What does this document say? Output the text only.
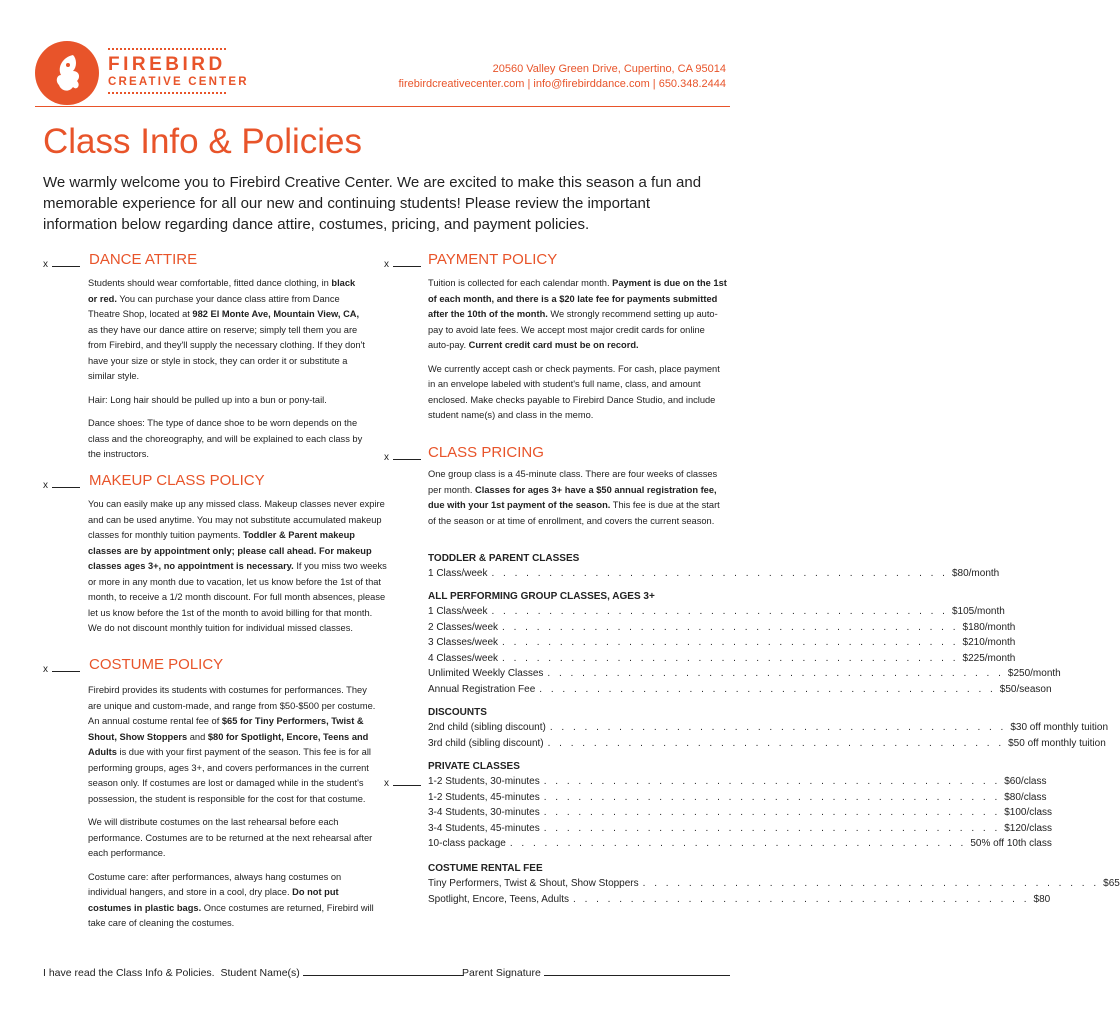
FIREBIRD
CREATIVE CENTER
20560 Valley Green Drive, Cupertino, CA 95014
firebirdcreativecenter.com | info@firebirddance.com | 650.348.2444
Class Info & Policies
We warmly welcome you to Firebird Creative Center. We are excited to make this season a fun and memorable experience for all our new and continuing students! Please review the important information below regarding dance attire, costumes, pricing, and payment policies.
x	DANCE ATTIRE

Students should wear comfortable, fitted dance clothing, in black or red. You can purchase your dance class attire from Dance Theatre Shop, located at 982 El Monte Ave, Mountain View, CA, as they have our dance attire on reserve; simply tell them you are from Firebird, and they'll supply the necessary clothing. If they don't have your size or style in stock, they can order it or substitute a similar style.

Hair: Long hair should be pulled up into a bun or pony-tail.

Dance shoes: The type of dance shoe to be worn depends on the class and the choreography, and will be explained to each class by the instructors.

x	MAKEUP CLASS POLICY

You can easily make up any missed class. Makeup classes never expire and can be used anytime. You may not substitute accumulated makeup classes for monthly tuition payments. Toddler & Parent makeup classes are by appointment only; please call ahead. For makeup classes ages 3+, no appointment is necessary. If you miss two weeks or more in any month due to vacation, let us know before the 1st of that month, to receive a 1/2 month discount. For full month absences, please let us know before the 1st of the month to avoid billing for that month. We do not discount monthly tuition for individual missed classes.

x	COSTUME POLICY

Firebird provides its students with costumes for performances. They are unique and custom-made, and range from $50-$500 per costume. An annual costume rental fee of $65 for Tiny Performers, Twist & Shout, Show Stoppers and $80 for Spotlight, Encore, Teens and Adults is due with your first payment of the season. This fee is for all performing groups, ages 3+, and covers performances in the current season only. If costumes are lost or damaged while in the student's possession, the student is responsible for the cost for that costume.

We will distribute costumes on the last rehearsal before each performance. Costumes are to be returned at the next rehearsal after each performance.

Costume care: after performances, always hang costumes on individual hangers, and store in a cool, dry place. Do not put costumes in plastic bags. Once costumes are returned, Firebird will take care of cleaning the costumes.

x	PAYMENT POLICY

Tuition is collected for each calendar month. Payment is due on the 1st of each month, and there is a $20 late fee for payments submitted after the 10th of the month. We strongly recommend setting up auto-pay to avoid late fees. We accept most major credit cards for online auto-pay. Current credit card must be on record.

We currently accept cash or check payments. For cash, place payment in an envelope labeled with student's full name, class, and amount enclosed. Make checks payable to Firebird Dance Studio, and include student name(s) and class in the memo.

x	CLASS PRICING

One group class is a 45-minute class. There are four weeks of classes per month. Classes for ages 3+ have a $50 annual registration fee, due with your 1st payment of the season. This fee is due at the start of the season or at time of enrollment, and covers the current season.

TODDLER & PARENT CLASSES
1 Class/week . . . . . . . . . . . . . . . . . . . . . . . . . . . . . . . . . . . . . . . . $80/month
ALL PERFORMING GROUP CLASSES, AGES 3+
1 Class/week . . . . . . . . . . . . . . . . . . . . . . . . . . . . . . . . . . . . . . . . $105/month
2 Classes/week . . . . . . . . . . . . . . . . . . . . . . . . . . . . . . . . . . . . . . . . $180/month
3 Classes/week . . . . . . . . . . . . . . . . . . . . . . . . . . . . . . . . . . . . . . . . $210/month
4 Classes/week . . . . . . . . . . . . . . . . . . . . . . . . . . . . . . . . . . . . . . . . $225/month
Unlimited Weekly Classes . . . . . . . . . . . . . . . . . . . . . . . . . . . . . . . . . . . . . . . . $250/month
Annual Registration Fee . . . . . . . . . . . . . . . . . . . . . . . . . . . . . . . . . . . . . . . . $50/season
DISCOUNTS
2nd child (sibling discount) . . . . . . . . . . . . . . . . . . . . . . . . . . . . . . . . . . . . . . . . $30 off monthly tuition
3rd child (sibling discount) . . . . . . . . . . . . . . . . . . . . . . . . . . . . . . . . . . . . . . . . $50 off monthly tuition
x
PRIVATE CLASSES
1-2 Students, 30-minutes . . . . . . . . . . . . . . . . . . . . . . . . . . . . . . . . . . . . . . . . $60/class
1-2 Students, 45-minutes . . . . . . . . . . . . . . . . . . . . . . . . . . . . . . . . . . . . . . . . $80/class
3-4 Students, 30-minutes . . . . . . . . . . . . . . . . . . . . . . . . . . . . . . . . . . . . . . . . $100/class
3-4 Students, 45-minutes . . . . . . . . . . . . . . . . . . . . . . . . . . . . . . . . . . . . . . . . $120/class
10-class package . . . . . . . . . . . . . . . . . . . . . . . . . . . . . . . . . . . . . . . . 50% off 10th class
COSTUME RENTAL FEE
Tiny Performers, Twist & Shout, Show Stoppers . . . . . . . . . . . . . . . . . . . . . . . . . . . . . . . . . . . . . . . . $65
Spotlight, Encore, Teens, Adults . . . . . . . . . . . . . . . . . . . . . . . . . . . . . . . . . . . . . . . . $80
I have read the Class Info & Policies. Student Name(s)	Parent Signature
